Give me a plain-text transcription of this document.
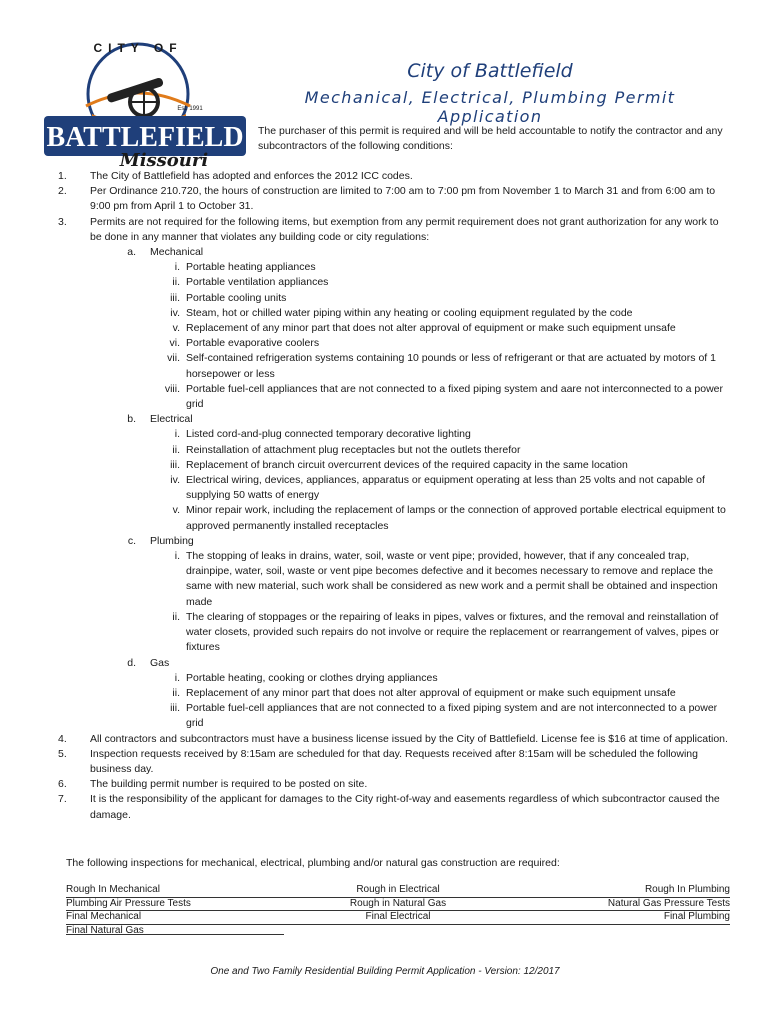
BATTLEFIELD
Missouri
CITY OF
Est. 1991
City of Battlefield
Mechanical, Electrical, Plumbing Permit Application
The purchaser of this permit is required and will be held accountable to notify the contractor and any subcontractors of the following conditions:
1.	The City of Battlefield has adopted and enforces the 2012 ICC codes.
2.	Per Ordinance 210.720, the hours of construction are limited to 7:00 am to 7:00 pm from November 1 to March 31 and from 6:00 am to 9:00 pm from April 1 to October 31.
3.	Permits are not required for the following items, but exemption from any permit requirement does not grant authorization for any work to be done in any manner that violates any building code or city regulations:
a.	Mechanical
i. Portable heating appliances
ii. Portable ventilation appliances
iii. Portable cooling units
iv. Steam, hot or chilled water piping within any heating or cooling equipment regulated by the code
v. Replacement of any minor part that does not alter approval of equipment or make such equipment unsafe
vi. Portable evaporative coolers
vii. Self-contained refrigeration systems containing 10 pounds or less of refrigerant or that are actuated by motors of 1 horsepower or less
viii. Portable fuel-cell appliances that are not connected to a fixed piping system and aare not interconnected to a power grid
b.	Electrical
i. Listed cord-and-plug connected temporary decorative lighting
ii. Reinstallation of attachment plug receptacles but not the outlets therefor
iii. Replacement of branch circuit overcurrent devices of the required capacity in the same location
iv. Electrical wiring, devices, appliances, apparatus or equipment operating at less than 25 volts and not capable of supplying 50 watts of energy
v. Minor repair work, including the replacement of lamps or the connection of approved portable electrical equipment to approved permanently installed receptacles
c.	Plumbing
i. The stopping of leaks in drains, water, soil, waste or vent pipe; provided, however, that if any concealed trap, drainpipe, water, soil, waste or vent pipe becomes defective and it becomes necessary to remove and replace the same with new material, such work shall be considered as new work and a permit shall be obtained and inspection made
ii. The clearing of stoppages or the repairing of leaks in pipes, valves or fixtures, and the removal and reinstallation of water closets, provided such repairs do not involve or require the replacement or rearrangement of valves, pipes or fixtures
d.	Gas
i. Portable heating, cooking or clothes drying appliances
ii. Replacement of any minor part that does not alter approval of equipment or make such equipment unsafe
iii. Portable fuel-cell appliances that are not connected to a fixed piping system and are not interconnected to a power grid
4.	All contractors and subcontractors must have a business license issued by the City of Battlefield. License fee is $16 at time of application.
5.	Inspection requests received by 8:15am are scheduled for that day. Requests received after 8:15am will be scheduled the following business day.
6.	The building permit number is required to be posted on site.
7.	It is the responsibility of the applicant for damages to the City right-of-way and easements regardless of which subcontractor caused the damage.
The following inspections for mechanical, electrical, plumbing and/or natural gas construction are required:
Rough In Mechanical	Rough in Electrical	Rough In Plumbing
Plumbing Air Pressure Tests	Rough in Natural Gas	Natural Gas Pressure Tests
Final Mechanical	Final Electrical	Final Plumbing
Final Natural Gas
One and Two Family Residential Building Permit Application - Version: 12/2017
